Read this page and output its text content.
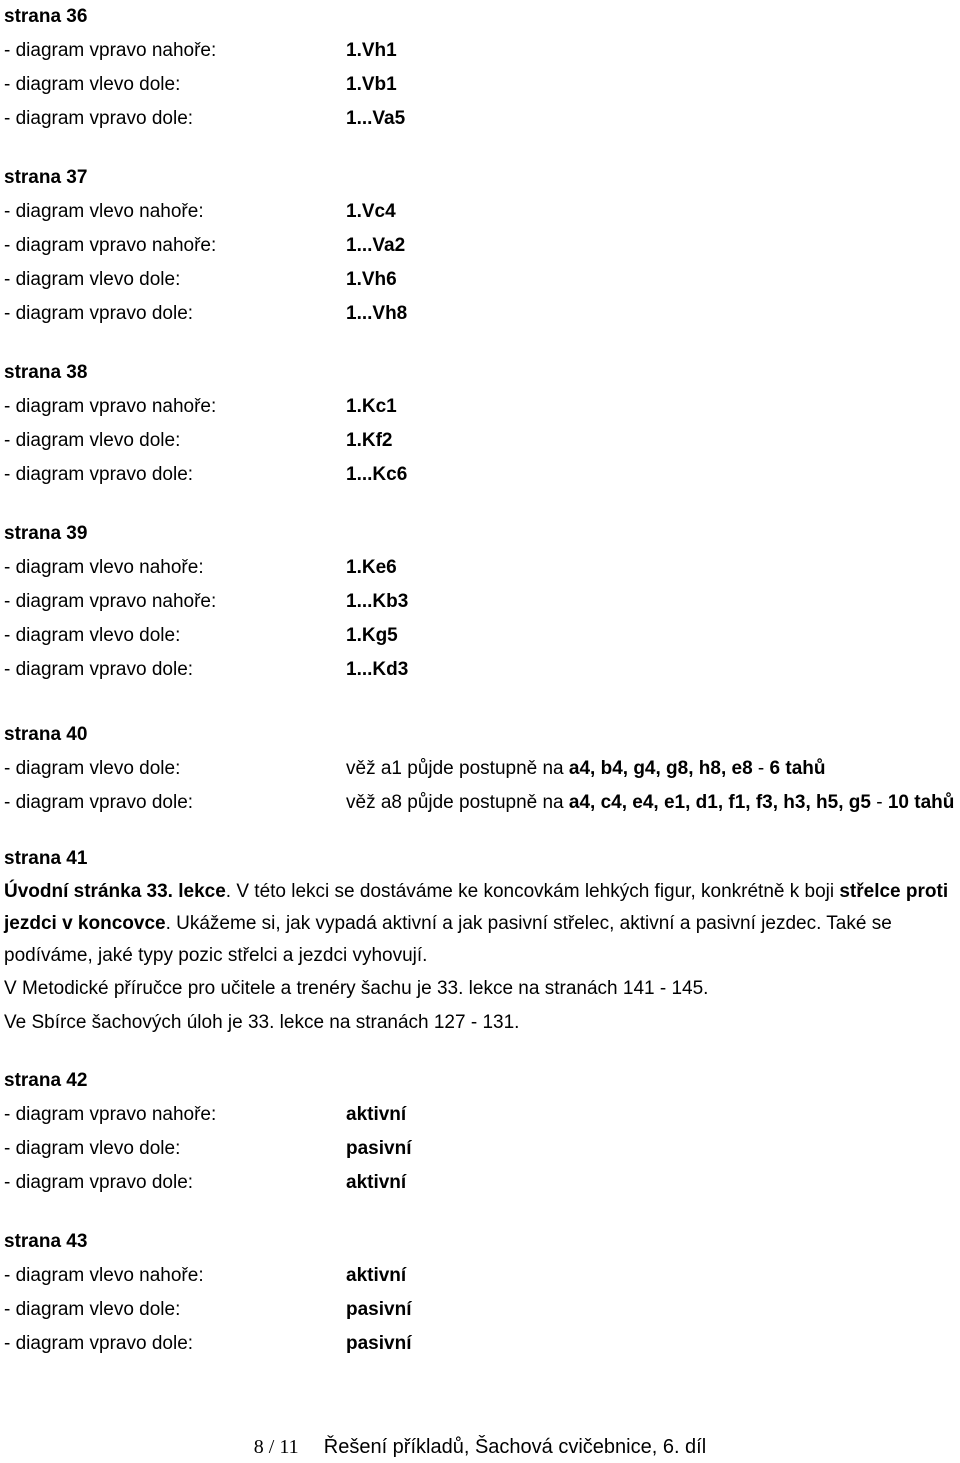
strana 36
- diagram vpravo nahoře:	1.Vh1
- diagram vlevo dole:	1.Vb1
- diagram vpravo dole:	1...Va5
strana 37
- diagram vlevo nahoře:	1.Vc4
- diagram vpravo nahoře:	1...Va2
- diagram vlevo dole:	1.Vh6
- diagram vpravo dole:	1...Vh8
strana 38
- diagram vpravo nahoře:	1.Kc1
- diagram vlevo dole:	1.Kf2
- diagram vpravo dole:	1...Kc6
strana 39
- diagram vlevo nahoře:	1.Ke6
- diagram vpravo nahoře:	1...Kb3
- diagram vlevo dole:	1.Kg5
- diagram vpravo dole:	1...Kd3
strana 40
- diagram vlevo dole:	věž a1 půjde postupně na a4, b4, g4, g8, h8, e8 - 6 tahů
- diagram vpravo dole:	věž a8 půjde postupně na a4, c4, e4, e1, d1, f1, f3, h3, h5, g5 - 10 tahů
strana 41
Úvodní stránka 33. lekce. V této lekci se dostáváme ke koncovkám lehkých figur, konkrétně k boji střelce proti jezdci v koncovce. Ukážeme si, jak vypadá aktivní a jak pasivní střelec, aktivní a pasivní jezdec. Také se podíváme, jaké typy pozic střelci a jezdci vyhovují.
V Metodické příručce pro učitele a trenéry šachu je 33. lekce na stranách 141 - 145.
Ve Sbírce šachových úloh je 33. lekce na stranách 127 - 131.
strana 42
- diagram vpravo nahoře:	aktivní
- diagram vlevo dole:	pasivní
- diagram vpravo dole:	aktivní
strana 43
- diagram vlevo nahoře:	aktivní
- diagram vlevo dole:	pasivní
- diagram vpravo dole:	pasivní
8 / 11 Řešení příkladů, Šachová cvičebnice, 6. díl
